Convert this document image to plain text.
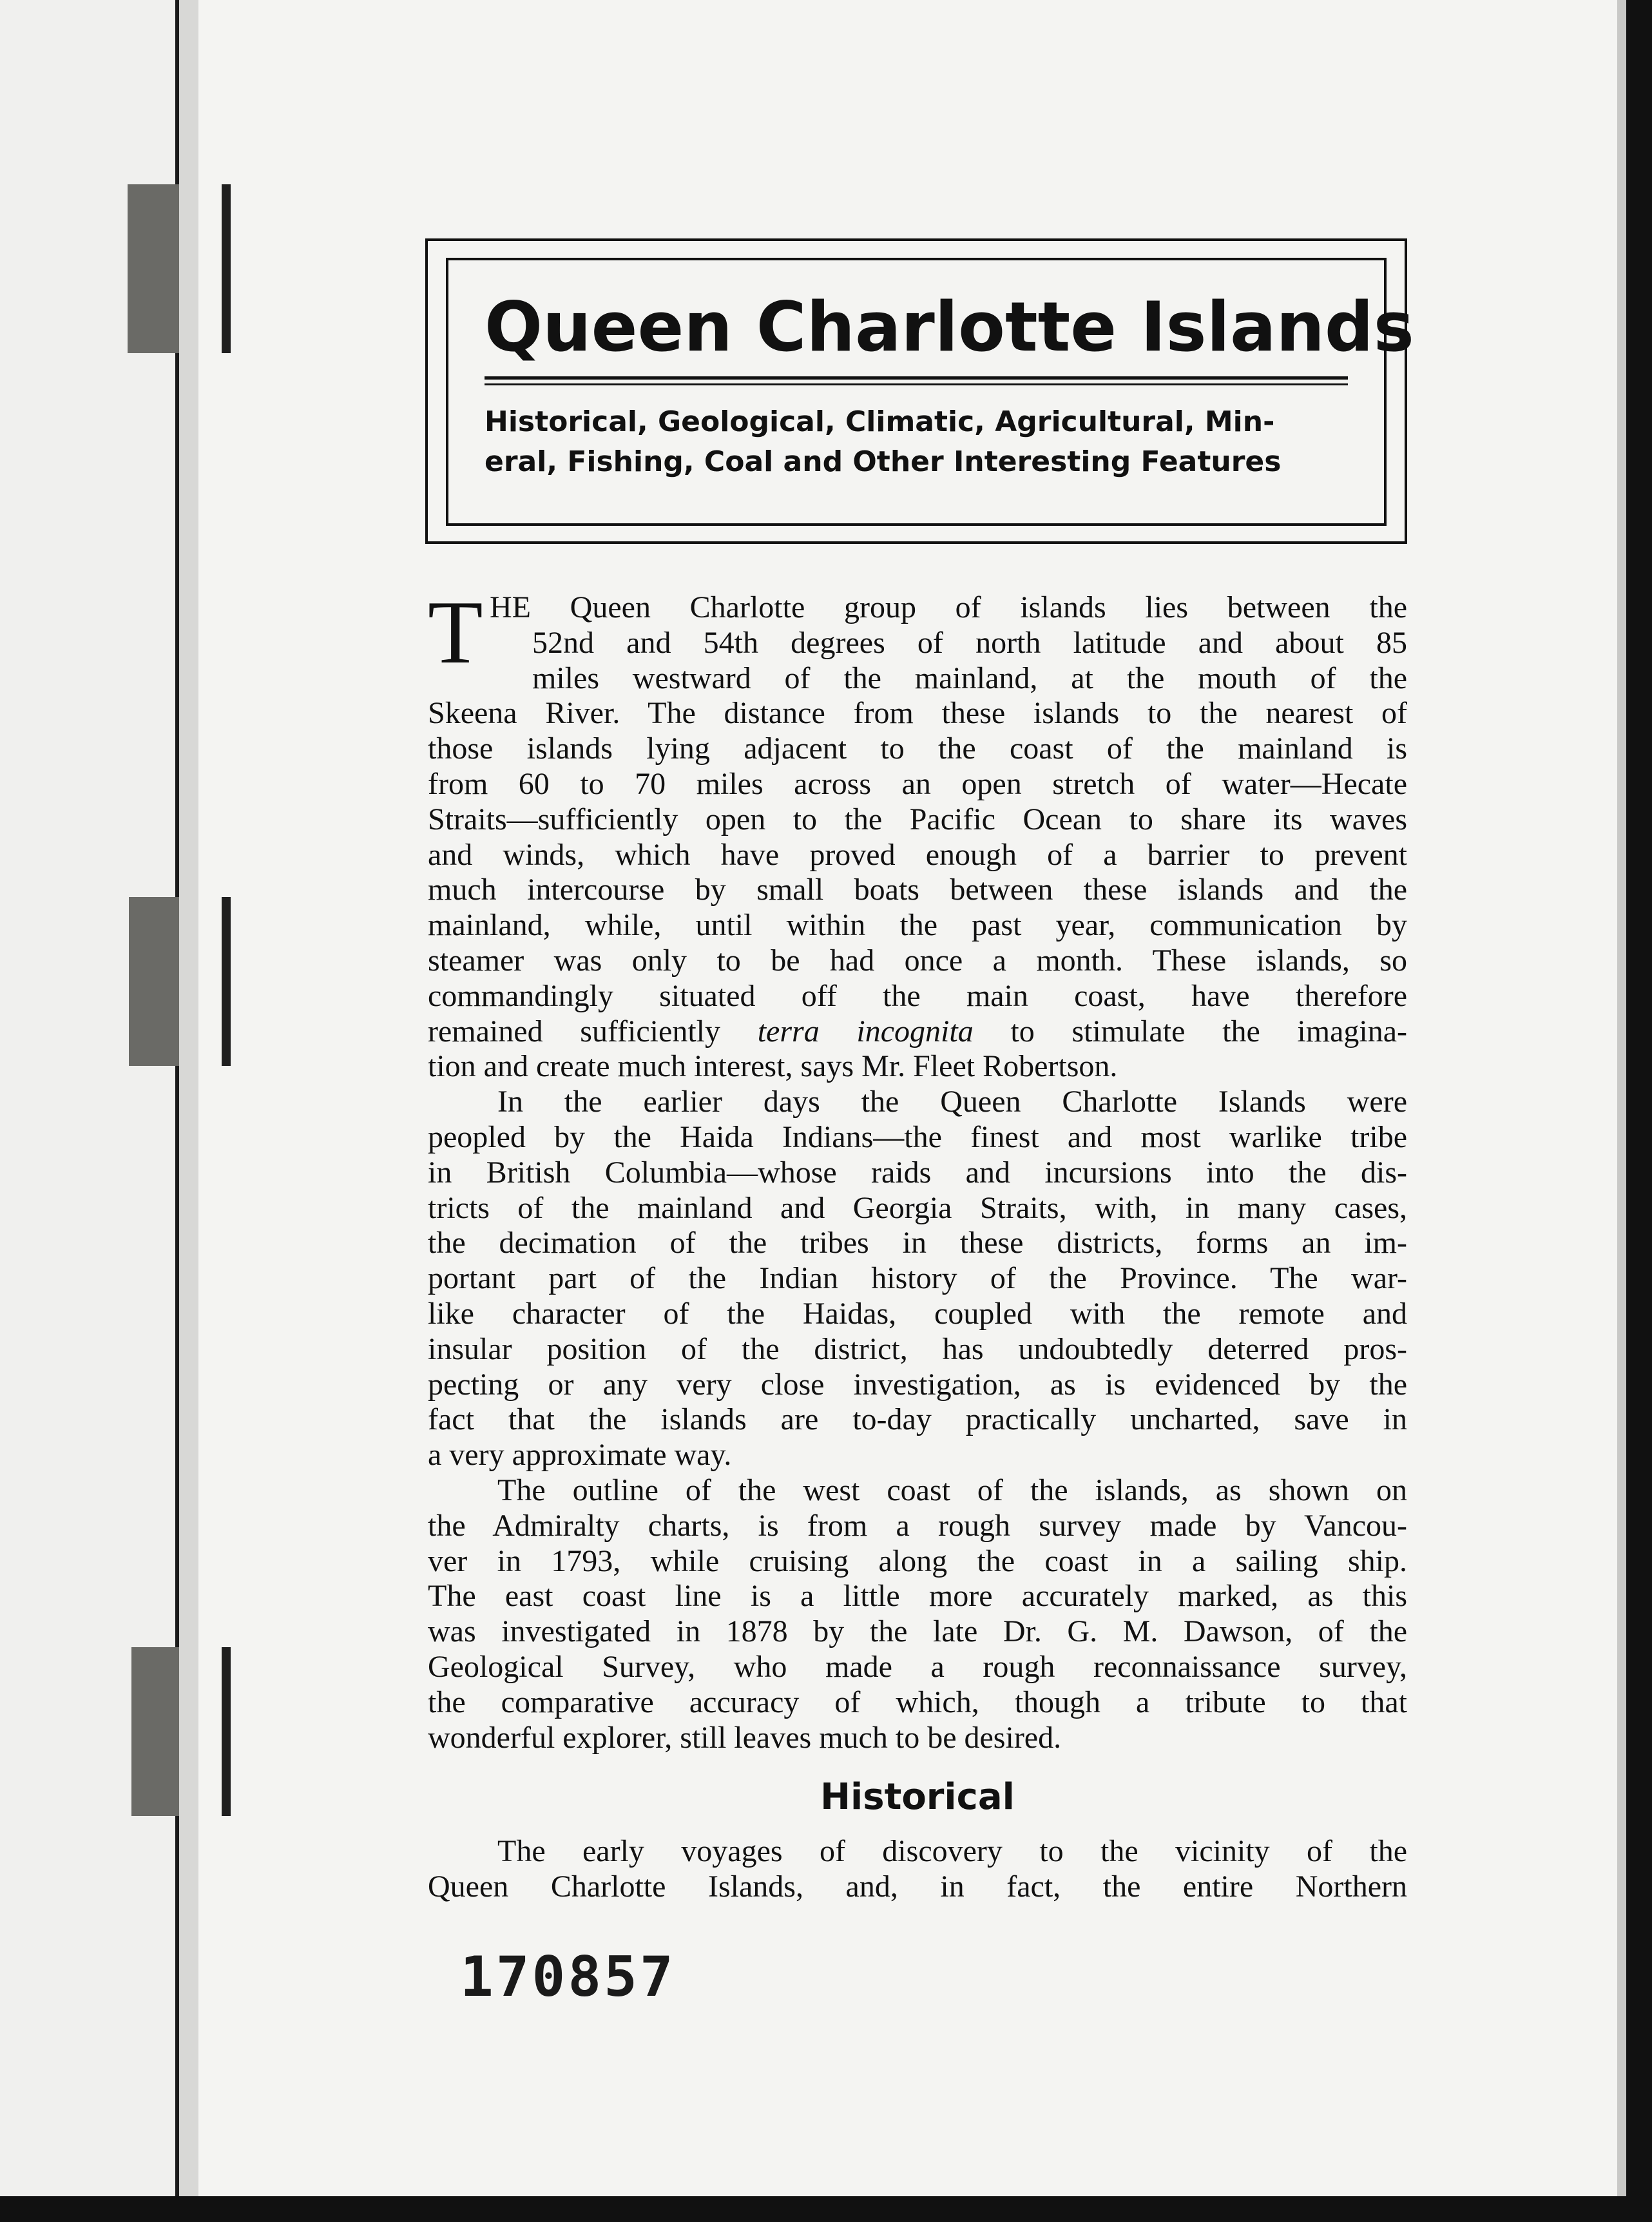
Queen Charlotte Islands
Historical, Geological, Climatic, Agricultural, Min-
eral, Fishing, Coal and Other Interesting Features
T HE Queen Charlotte group of islands lies between the
52nd and 54th degrees of north latitude and about 85
miles westward of the mainland, at the mouth of the
Skeena River. The distance from these islands to the nearest of
those islands lying adjacent to the coast of the mainland is
from 60 to 70 miles across an open stretch of water—Hecate
Straits—sufficiently open to the Pacific Ocean to share its waves
and winds, which have proved enough of a barrier to prevent
much intercourse by small boats between these islands and the
mainland, while, until within the past year, communication by
steamer was only to be had once a month. These islands, so
commandingly situated off the main coast, have therefore
remained sufficiently terra incognita to stimulate the imagina-
tion and create much interest, says Mr. Fleet Robertson.
In the earlier days the Queen Charlotte Islands were
peopled by the Haida Indians—the finest and most warlike tribe
in British Columbia—whose raids and incursions into the dis-
tricts of the mainland and Georgia Straits, with, in many cases,
the decimation of the tribes in these districts, forms an im-
portant part of the Indian history of the Province. The war-
like character of the Haidas, coupled with the remote and
insular position of the district, has undoubtedly deterred pros-
pecting or any very close investigation, as is evidenced by the
fact that the islands are to-day practically uncharted, save in
a very approximate way.
The outline of the west coast of the islands, as shown on
the Admiralty charts, is from a rough survey made by Vancou-
ver in 1793, while cruising along the coast in a sailing ship.
The east coast line is a little more accurately marked, as this
was investigated in 1878 by the late Dr. G. M. Dawson, of the
Geological Survey, who made a rough reconnaissance survey,
the comparative accuracy of which, though a tribute to that
wonderful explorer, still leaves much to be desired.
Historical
The early voyages of discovery to the vicinity of the
Queen Charlotte Islands, and, in fact, the entire Northern
170857
